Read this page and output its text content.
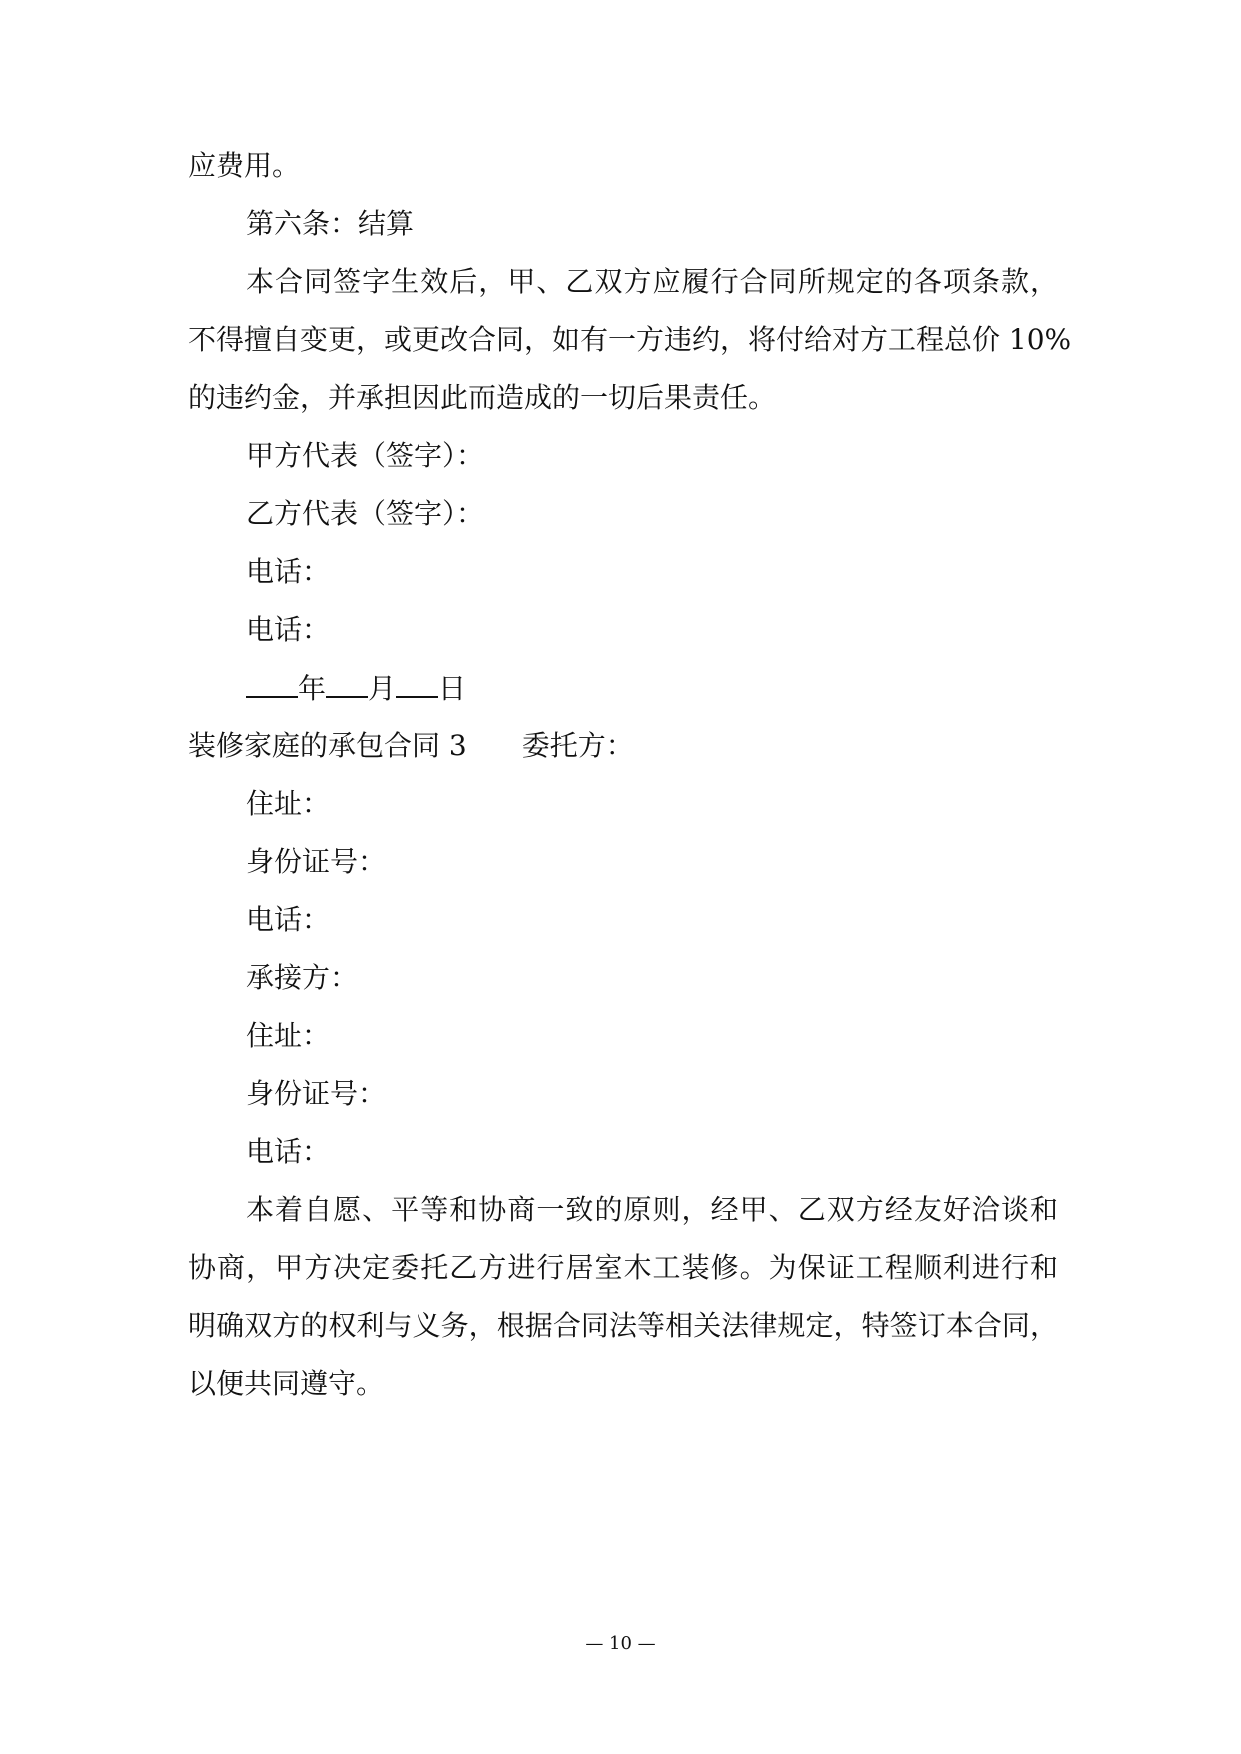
应费用。
第六条：结算
本合同签字生效后，甲、乙双方应履行合同所规定的各项条款，
不得擅自变更，或更改合同，如有一方违约，将付给对方工程总价 10%
的违约金，并承担因此而造成的一切后果责任。
甲方代表（签字）：
乙方代表（签字）：
电话：
电话：
年 月 日
装修家庭的承包合同 3 委托方：
住址：
身份证号：
电话：
承接方：
住址：
身份证号：
电话：
本着自愿、平等和协商一致的原则，经甲、乙双方经友好洽谈和
协商，甲方决定委托乙方进行居室木工装修。为保证工程顺利进行和
明确双方的权利与义务，根据合同法等相关法律规定，特签订本合同，
以便共同遵守。
— 10 —
